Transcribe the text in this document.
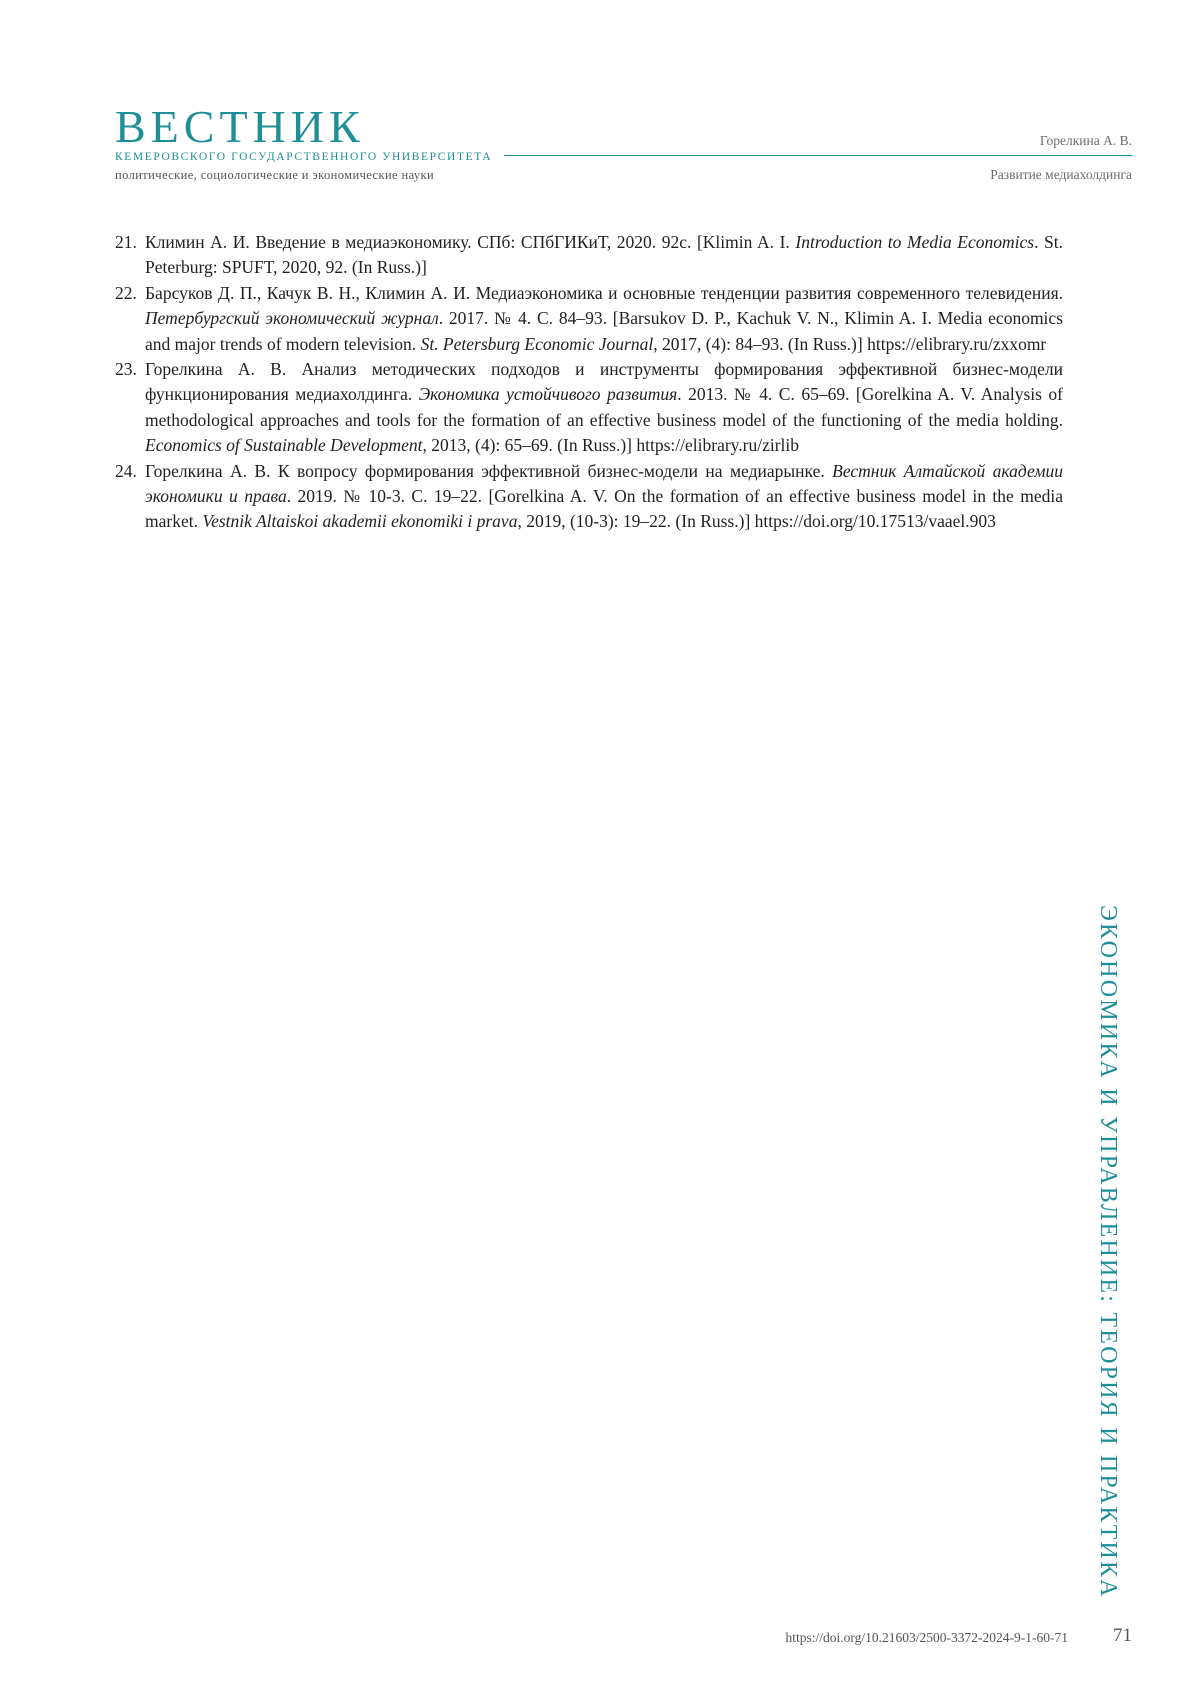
ВЕСТНИК
КЕМЕРОВСКОГО ГОСУДАРСТВЕННОГО УНИВЕРСИТЕТА
политические, социологические и экономические науки
Горелкина А. В.
Развитие медиахолдинга
21. Климин А. И. Введение в медиаэкономику. СПб: СПбГИКиТ, 2020. 92с. [Klimin A. I. Introduction to Media Economics. St. Peterburg: SPUFT, 2020, 92. (In Russ.)]
22. Барсуков Д. П., Качук В. Н., Климин А. И. Медиаэкономика и основные тенденции развития современного телевидения. Петербургский экономический журнал. 2017. № 4. С. 84–93. [Barsukov D. P., Kachuk V. N., Klimin A. I. Media economics and major trends of modern television. St. Petersburg Economic Journal, 2017, (4): 84–93. (In Russ.)] https://elibrary.ru/zxxomr
23. Горелкина А. В. Анализ методических подходов и инструменты формирования эффективной бизнес-модели функционирования медиахолдинга. Экономика устойчивого развития. 2013. № 4. С. 65–69. [Gorelkina A. V. Analysis of methodological approaches and tools for the formation of an effective business model of the functioning of the media holding. Economics of Sustainable Development, 2013, (4): 65–69. (In Russ.)] https://elibrary.ru/zirlib
24. Горелкина А. В. К вопросу формирования эффективной бизнес-модели на медиарынке. Вестник Алтайской академии экономики и права. 2019. № 10-3. С. 19–22. [Gorelkina A. V. On the formation of an effective business model in the media market. Vestnik Altaiskoi akademii ekonomiki i prava, 2019, (10-3): 19–22. (In Russ.)] https://doi.org/10.17513/vaael.903
ЭКОНОМИКА И УПРАВЛЕНИЕ: ТЕОРИЯ И ПРАКТИКА
https://doi.org/10.21603/2500-3372-2024-9-1-60-71 71
